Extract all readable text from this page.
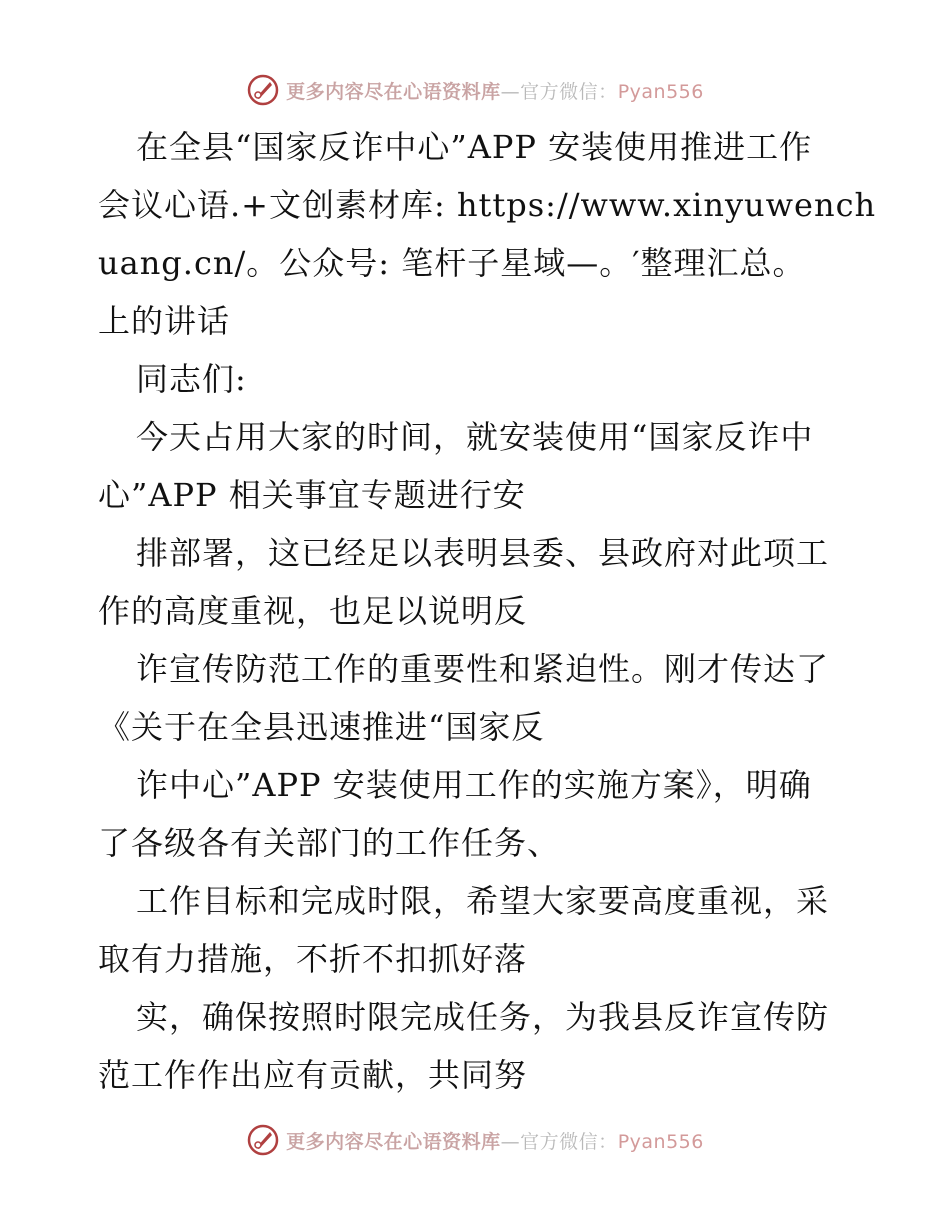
更多内容尽在心语资料库—官方微信：Pyan556
在全县“国家反诈中心”APP 安装使用推进工作
会议心语.+文创素材库: https://www.xinyuwench
uang.cn/。公众号: 笔杆子星域—。′整理汇总。
上的讲话
同志们:
今天占用大家的时间，就安装使用“国家反诈中
心”APP 相关事宜专题进行安
排部署，这已经足以表明县委、县政府对此项工
作的高度重视，也足以说明反
诈宣传防范工作的重要性和紧迫性。刚才传达了
《关于在全县迅速推进“国家反
诈中心”APP 安装使用工作的实施方案》，明确
了各级各有关部门的工作任务、
工作目标和完成时限，希望大家要高度重视，采
取有力措施，不折不扣抓好落
实，确保按照时限完成任务，为我县反诈宣传防
范工作作出应有贡献，共同努
更多内容尽在心语资料库—官方微信：Pyan556
